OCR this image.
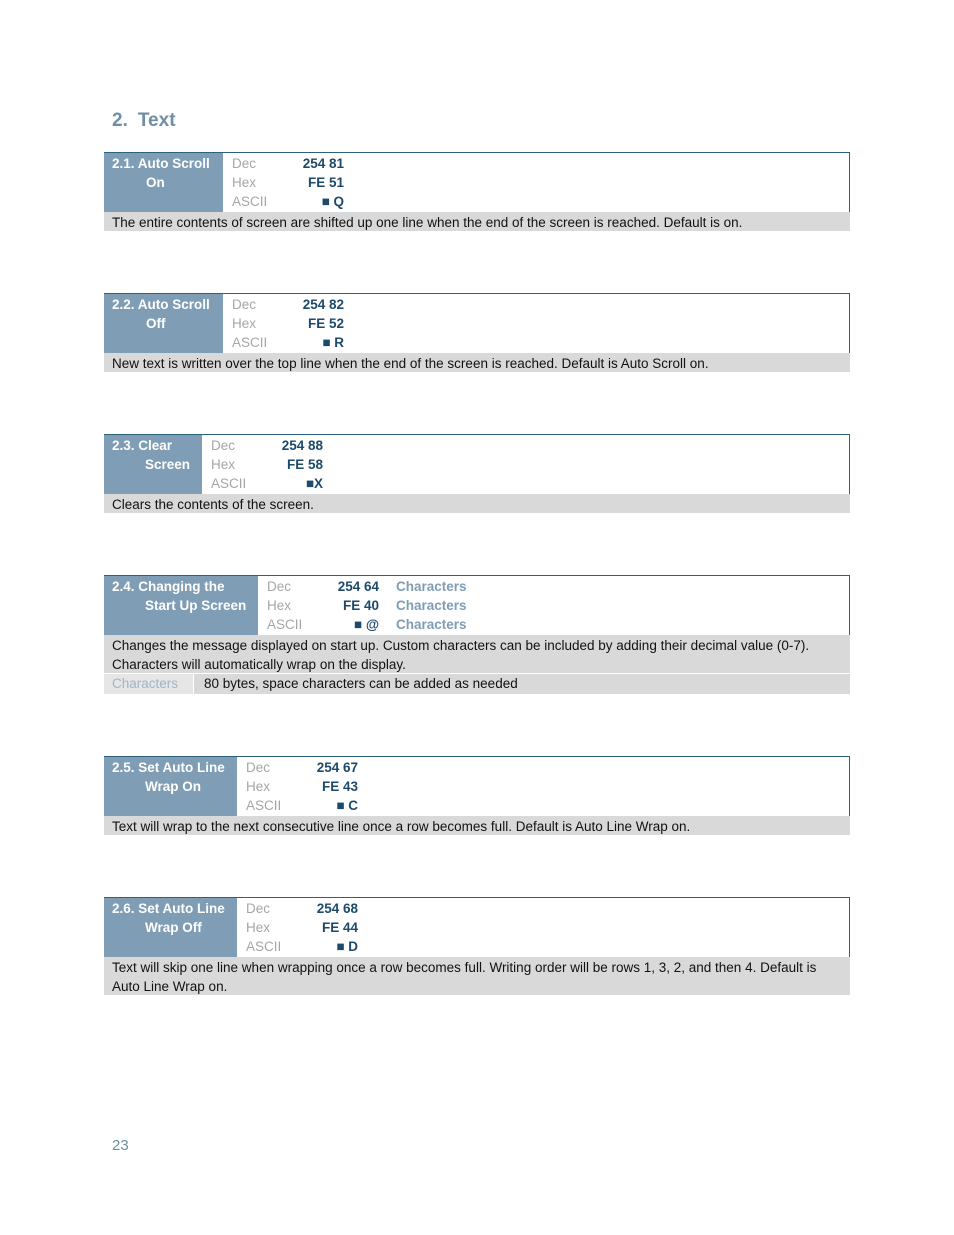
2. Text
2.1. Auto Scroll
On
Dec	254 81
Hex	FE 51
ASCII	■ Q
The entire contents of screen are shifted up one line when the end of the screen is reached. Default is on.
2.2. Auto Scroll
Off
Dec	254 82
Hex	FE 52
ASCII	■ R
New text is written over the top line when the end of the screen is reached. Default is Auto Scroll on.
2.3. Clear
Screen
Dec	254 88
Hex	FE 58
ASCII	■X
Clears the contents of the screen.
2.4. Changing the
Start Up Screen
Dec	254 64	Characters
Hex	FE 40	Characters
ASCII	■ @	Characters
Changes the message displayed on start up. Custom characters can be included by adding their decimal value (0-7). Characters will automatically wrap on the display.
Characters	80 bytes, space characters can be added as needed
2.5. Set Auto Line
Wrap On
Dec	254 67
Hex	FE 43
ASCII	■ C
Text will wrap to the next consecutive line once a row becomes full. Default is Auto Line Wrap on.
2.6. Set Auto Line
Wrap Off
Dec	254 68
Hex	FE 44
ASCII	■ D
Text will skip one line when wrapping once a row becomes full. Writing order will be rows 1, 3, 2, and then 4. Default is Auto Line Wrap on.
23
